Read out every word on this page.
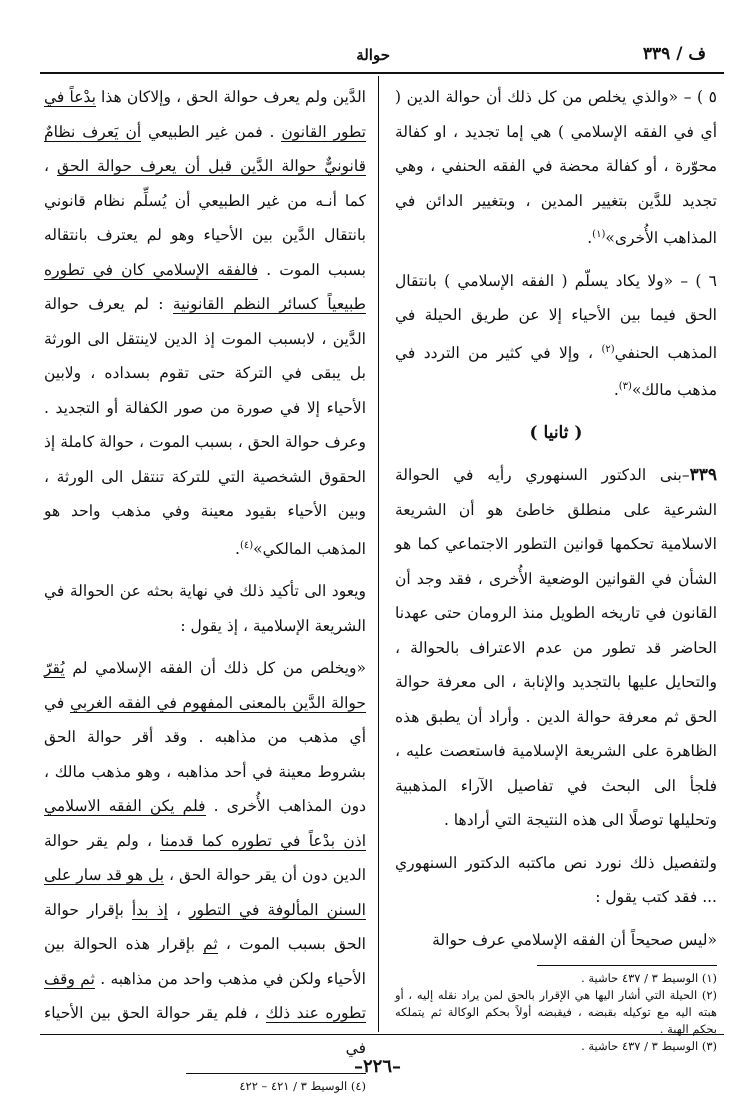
ف / ٣٣٩
حوالة

٥ ) – «والذي يخلص من كل ذلك أن حوالة الدين ( أي في الفقه الإسلامي ) هي إما تجديد ، او كفالة محوّرة ، أو كفالة محضة في الفقه الحنفي ، وهي تجديد للدَّين بتغيير المدين ، وبتغيير الدائن في المذاهب الأُخرى»$^{(١)}$.

٦ ) – «ولا يكاد يسلّم ( الفقه الإسلامي ) بانتقال الحق فيما بين الأحياء إلا عن طريق الحيلة في المذهب الحنفي$^{(٢)}$ ، وإلا في كثير من التردد في مذهب مالك»$^{(٣)}$.

( ثانيا )

٣٣٩–بنى الدكتور السنهوري رأيه في الحوالة الشرعية على منطلق خاطئ هو أن الشريعة الاسلامية تحكمها قوانين التطور الاجتماعي كما هو الشأن في القوانين الوضعية الأُخرى ، فقد وجد أن القانون في تاريخه الطويل منذ الرومان حتى عهدنا الحاضر قد تطور من عدم الاعتراف بالحوالة ، والتحايل عليها بالتجديد والإنابة ، الى معرفة حوالة الحق ثم معرفة حوالة الدين . وأراد أن يطبق هذه الظاهرة على الشريعة الإسلامية فاستعصت عليه ، فلجأ الى البحث في تفاصيل الآراء المذهبية وتحليلها توصلًا الى هذه النتيجة التي أرادها .

ولتفصيل ذلك نورد نص ماكتبه الدكتور السنهوري ... فقد كتب يقول :

«ليس صحيحاً أن الفقه الإسلامي عرف حوالة

(١) الوسيط ٣ / ٤٣٧ حاشية .
(٢) الحيلة التي أشار اليها هي الإقرار بالحق لمن يراد نقله إليه ، أو هبته اليه مع توكيله بقبضه ، فيقبضه أولاً بحكم الوكالة ثم يتملكه بحكم الهبة .
(٣) الوسيط ٣ / ٤٣٧ حاشية .

الدَّين ولم يعرف حوالة الحق ، وإلاكان هذا بدْعاً في تطور القانون . فمن غير الطبيعي أن يَعرف نظامٌ قانونيٌّ حوالة الدَّين قبل أن يعرف حوالة الحق ، كما أنـه من غير الطبيعي أن يُسلِّم نظام قانوني بانتقال الدَّين بين الأحياء وهو لم يعترف بانتقاله بسبب الموت . فالفقه الإسلامي كان في تطوره طبيعياً كسائر النظم القانونية : لم يعرف حوالة الدَّين ، لابسبب الموت إذ الدين لاينتقل الى الورثة بل يبقى في التركة حتى تقوم بسداده ، ولابين الأحياء إلا في صورة من صور الكفالة أو التجديد . وعرف حوالة الحق ، بسبب الموت ، حوالة كاملة إذ الحقوق الشخصية التي للتركة تنتقل الى الورثة ، وبين الأحياء بقيود معينة وفي مذهب واحد هو المذهب المالكي»$^{(٤)}$.

ويعود الى تأكيد ذلك في نهاية بحثه عن الحوالة في الشريعة الإسلامية ، إذ يقول :

«ويخلص من كل ذلك أن الفقه الإسلامي لم يُقرّ حوالة الدَّين بالمعنى المفهوم في الفقه الغربي في أي مذهب من مذاهبه . وقد أقر حوالة الحق بشروط معينة في أحد مذاهبه ، وهو مذهب مالك ، دون المذاهب الأُخرى . فلم يكن الفقه الاسلامي اذن بدْعاً في تطوره كما قدمنا ، ولم يقر حوالة الدين دون أن يقر حوالة الحق ، بل هو قد سار على السنن المألوفة في التطور ، إذ بدأ بإقرار حوالة الحق بسبب الموت ، ثم بإقرار هذه الحوالة بين الأحياء ولكن في مذهب واحد من مذاهبه . ثم وقف تطوره عند ذلك ، فلم يقر حوالة الحق بين الأحياء في

(٤) الوسيط ٣ / ٤٢١ – ٤٢٢
–٢٢٦–
